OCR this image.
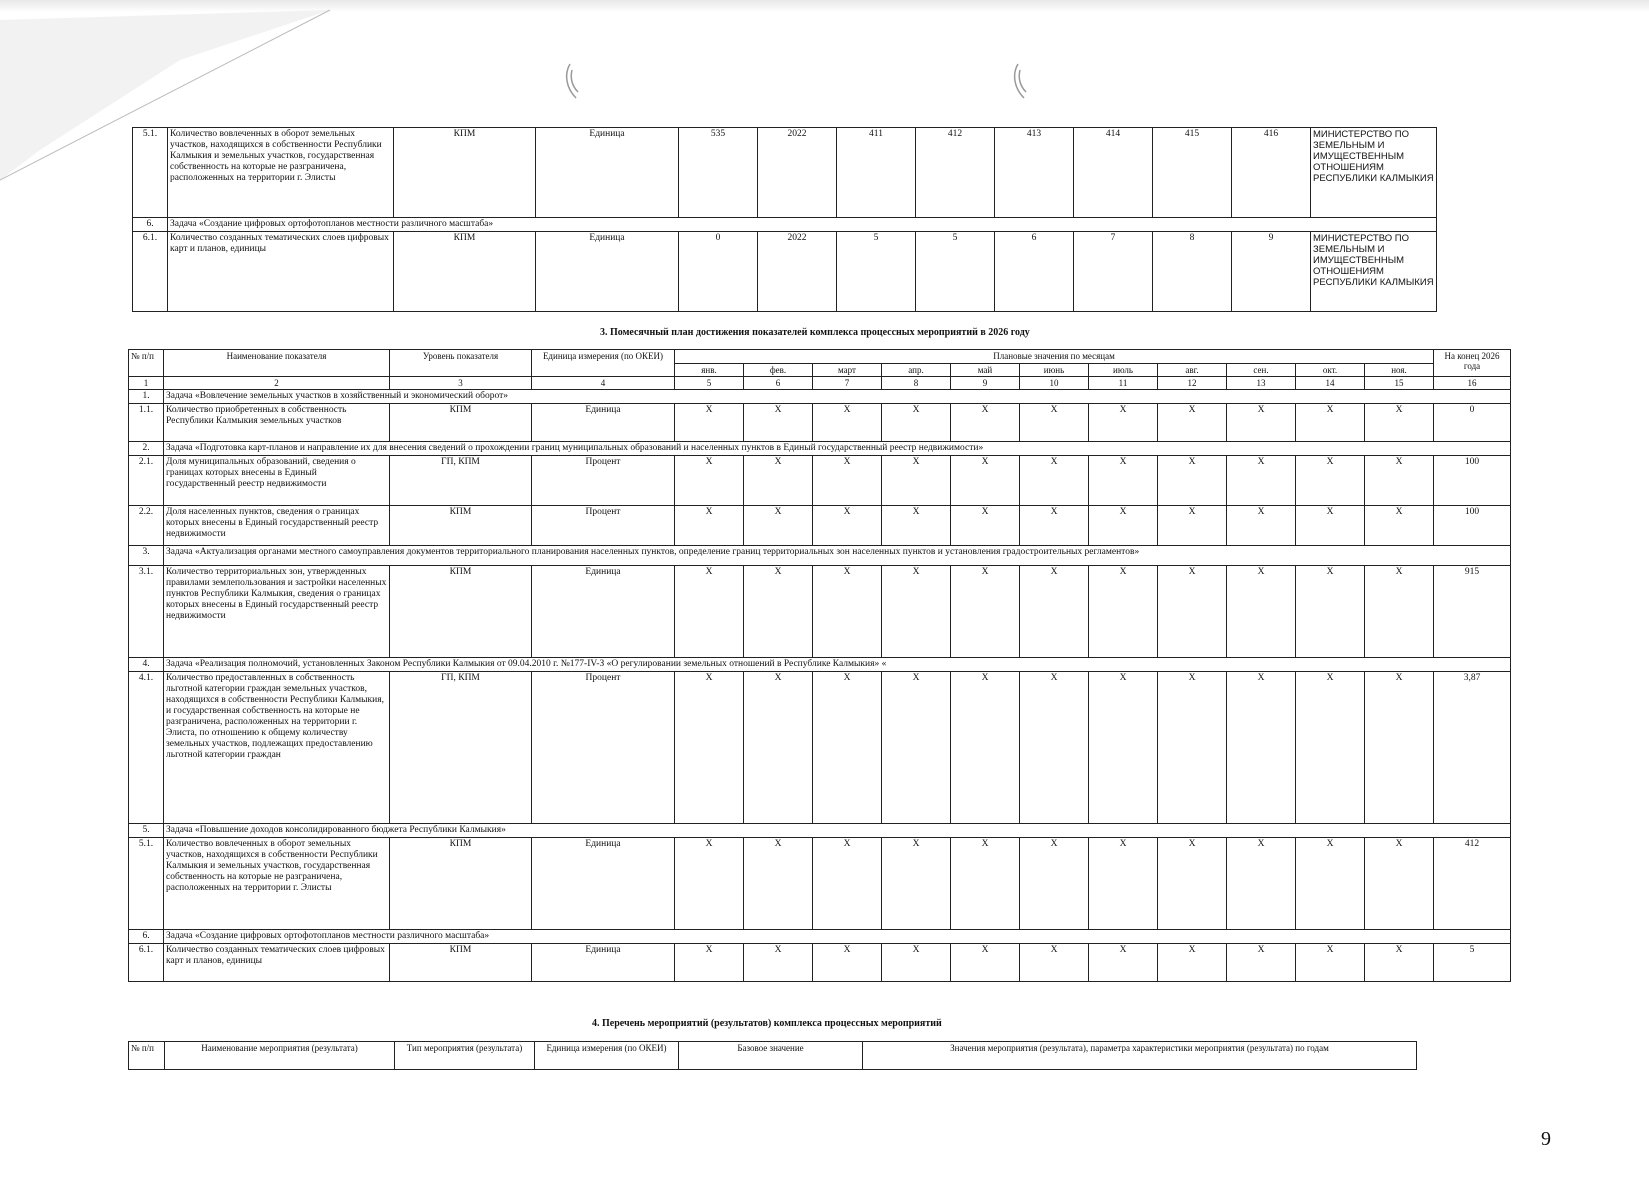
5.1.	Количество вовлеченных в оборот земельных участков, находящихся в собственности Республики Калмыкия и земельных участков, государственная собственность на которые не разграничена, расположенных на территории г. Элисты	КПМ	Единица	535	2022	411	412	413	414	415	416	МИНИСТЕРСТВО ПО ЗЕМЕЛЬНЫМ И ИМУЩЕСТВЕННЫМ ОТНОШЕНИЯМ РЕСПУБЛИКИ КАЛМЫКИЯ
6.	Задача «Создание цифровых ортофотопланов местности различного масштаба»											
6.1.	Количество созданных тематических слоев цифровых карт и планов, единицы	КПМ	Единица	0	2022	5	5	6	7	8	9	МИНИСТЕРСТВО ПО ЗЕМЕЛЬНЫМ И ИМУЩЕСТВЕННЫМ ОТНОШЕНИЯМ РЕСПУБЛИКИ КАЛМЫКИЯ
3. Помесячный план достижения показателей комплекса процессных мероприятий в 2026 году
№ п/п	Наименование показателя	Уровень показателя	Единица измерения (по ОКЕИ)	Плановые значения по месяцам											На конец 2026 года
				янв.	фев.	март	апр.	май	июнь	июль	авг.	сен.	окт.	ноя.	
1	2	3	4	5	6	7	8	9	10	11	12	13	14	15	16
1.	Задача «Вовлечение земельных участков в хозяйственный и экономический оборот»														
1.1.	Количество приобретенных в собственность Республики Калмыкия земельных участков	КПМ	Единица	Х	Х	Х	Х	Х	Х	Х	Х	Х	Х	Х	0
2.	Задача «Подготовка карт-планов и направление их для внесения сведений о прохождении границ муниципальных образований и населенных пунктов в Единый государственный реестр недвижимости»														
2.1.	Доля муниципальных образований, сведения о границах которых внесены в Единый государственный реестр недвижимости	ГП, КПМ	Процент	Х	Х	Х	Х	Х	Х	Х	Х	Х	Х	Х	100
2.2.	Доля населенных пунктов, сведения о границах которых внесены в Единый государственный реестр недвижимости	КПМ	Процент	Х	Х	Х	Х	Х	Х	Х	Х	Х	Х	Х	100
3.	Задача «Актуализация органами местного самоуправления документов территориального планирования населенных пунктов, определение границ территориальных зон населенных пунктов и установления градостроительных регламентов»														
3.1.	Количество территориальных зон, утвержденных правилами землепользования и застройки населенных пунктов Республики Калмыкия, сведения о границах которых внесены в Единый государственный реестр недвижимости	КПМ	Единица	Х	Х	Х	Х	Х	Х	Х	Х	Х	Х	Х	915
4.	Задача «Реализация полномочий, установленных Законом Республики Калмыкия от 09.04.2010 г. №177-IV-З «О регулировании земельных отношений в Республике Калмыкия» «														
4.1.	Количество предоставленных в собственность льготной категории граждан земельных участков, находящихся в собственности Республики Калмыкия, и государственная собственность на которые не разграничена, расположенных на территории г. Элиста, по отношению к общему количеству земельных участков, подлежащих предоставлению льготной категории граждан	ГП, КПМ	Процент	Х	Х	Х	Х	Х	Х	Х	Х	Х	Х	Х	3,87
5.	Задача «Повышение доходов консолидированного бюджета Республики Калмыкия»														
5.1.	Количество вовлеченных в оборот земельных участков, находящихся в собственности Республики Калмыкия и земельных участков, государственная собственность на которые не разграничена, расположенных на территории г. Элисты	КПМ	Единица	Х	Х	Х	Х	Х	Х	Х	Х	Х	Х	Х	412
6.	Задача «Создание цифровых ортофотопланов местности различного масштаба»														
6.1.	Количество созданных тематических слоев цифровых карт и планов, единицы	КПМ	Единица	Х	Х	Х	Х	Х	Х	Х	Х	Х	Х	Х	5
4. Перечень мероприятий (результатов) комплекса процессных мероприятий
№ п/п	Наименование мероприятия (результата)	Тип мероприятия (результата)	Единица измерения (по ОКЕИ)	Базовое значение	Значения мероприятия (результата), параметра характеристики мероприятия (результата) по годам
9
